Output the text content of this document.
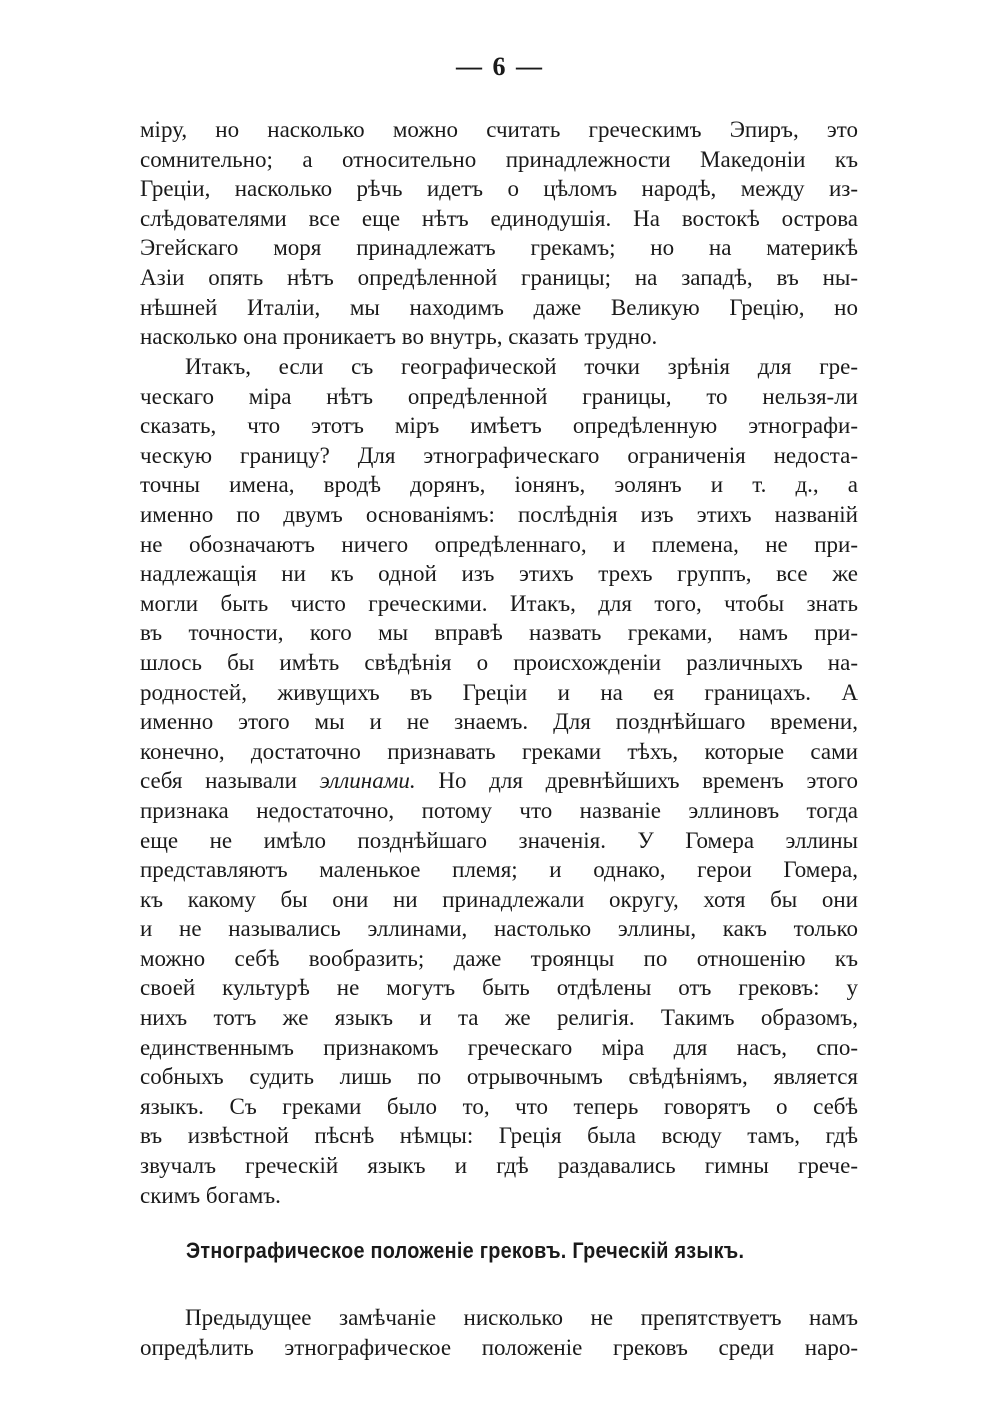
— 6 —
міру, но насколько можно считать греческимъ Эпиръ, это
сомнительно; а относительно принадлежности Македоніи къ
Греціи, насколько рѣчь идетъ о цѣломъ народѣ, между из-
слѣдователями все еще нѣтъ единодушія. На востокѣ острова
Эгейскаго моря принадлежатъ грекамъ; но на материкѣ
Азіи опять нѣтъ опредѣленной границы; на западѣ, въ ны-
нѣшней Италіи, мы находимъ даже Великую Грецію, но
насколько она проникаетъ во внутрь, сказать трудно.
Итакъ, если съ географической точки зрѣнія для гре-
ческаго міра нѣтъ опредѣленной границы, то нельзя-ли
сказать, что этотъ міръ имѣетъ опредѣленную этнографи-
ческую границу? Для этнографическаго ограниченія недоста-
точны имена, вродѣ дорянъ, іонянъ, эолянъ и т. д., а
именно по двумъ основаніямъ: послѣднія изъ этихъ названій
не обозначаютъ ничего опредѣленнаго, и племена, не при-
надлежащія ни къ одной изъ этихъ трехъ группъ, все же
могли быть чисто греческими. Итакъ, для того, чтобы знать
въ точности, кого мы вправѣ назвать греками, намъ при-
шлось бы имѣть свѣдѣнія о происхожденіи различныхъ на-
родностей, живущихъ въ Греціи и на ея границахъ. А
именно этого мы и не знаемъ. Для позднѣйшаго времени,
конечно, достаточно признавать греками тѣхъ, которые сами
себя называли эллинами. Но для древнѣйшихъ временъ этого
признака недостаточно, потому что названіе эллиновъ тогда
еще не имѣло позднѣйшаго значенія. У Гомера эллины
представляютъ маленькое племя; и однако, герои Гомера,
къ какому бы они ни принадлежали округу, хотя бы они
и не назывались эллинами, настолько эллины, какъ только
можно себѣ вообразить; даже троянцы по отношенію къ
своей культурѣ не могутъ быть отдѣлены отъ грековъ: у
нихъ тотъ же языкъ и та же религія. Такимъ образомъ,
единственнымъ признакомъ греческаго міра для насъ, спо-
собныхъ судить лишь по отрывочнымъ свѣдѣніямъ, является
языкъ. Съ греками было то, что теперь говорятъ о себѣ
въ извѣстной пѣснѣ нѣмцы: Греція была всюду тамъ, гдѣ
звучалъ греческій языкъ и гдѣ раздавались гимны грече-
скимъ богамъ.
Этнографическое положеніе грековъ. Греческій языкъ.
Предыдущее замѣчаніе нисколько не препятствуетъ намъ
опредѣлить этнографическое положеніе грековъ среди наро-
